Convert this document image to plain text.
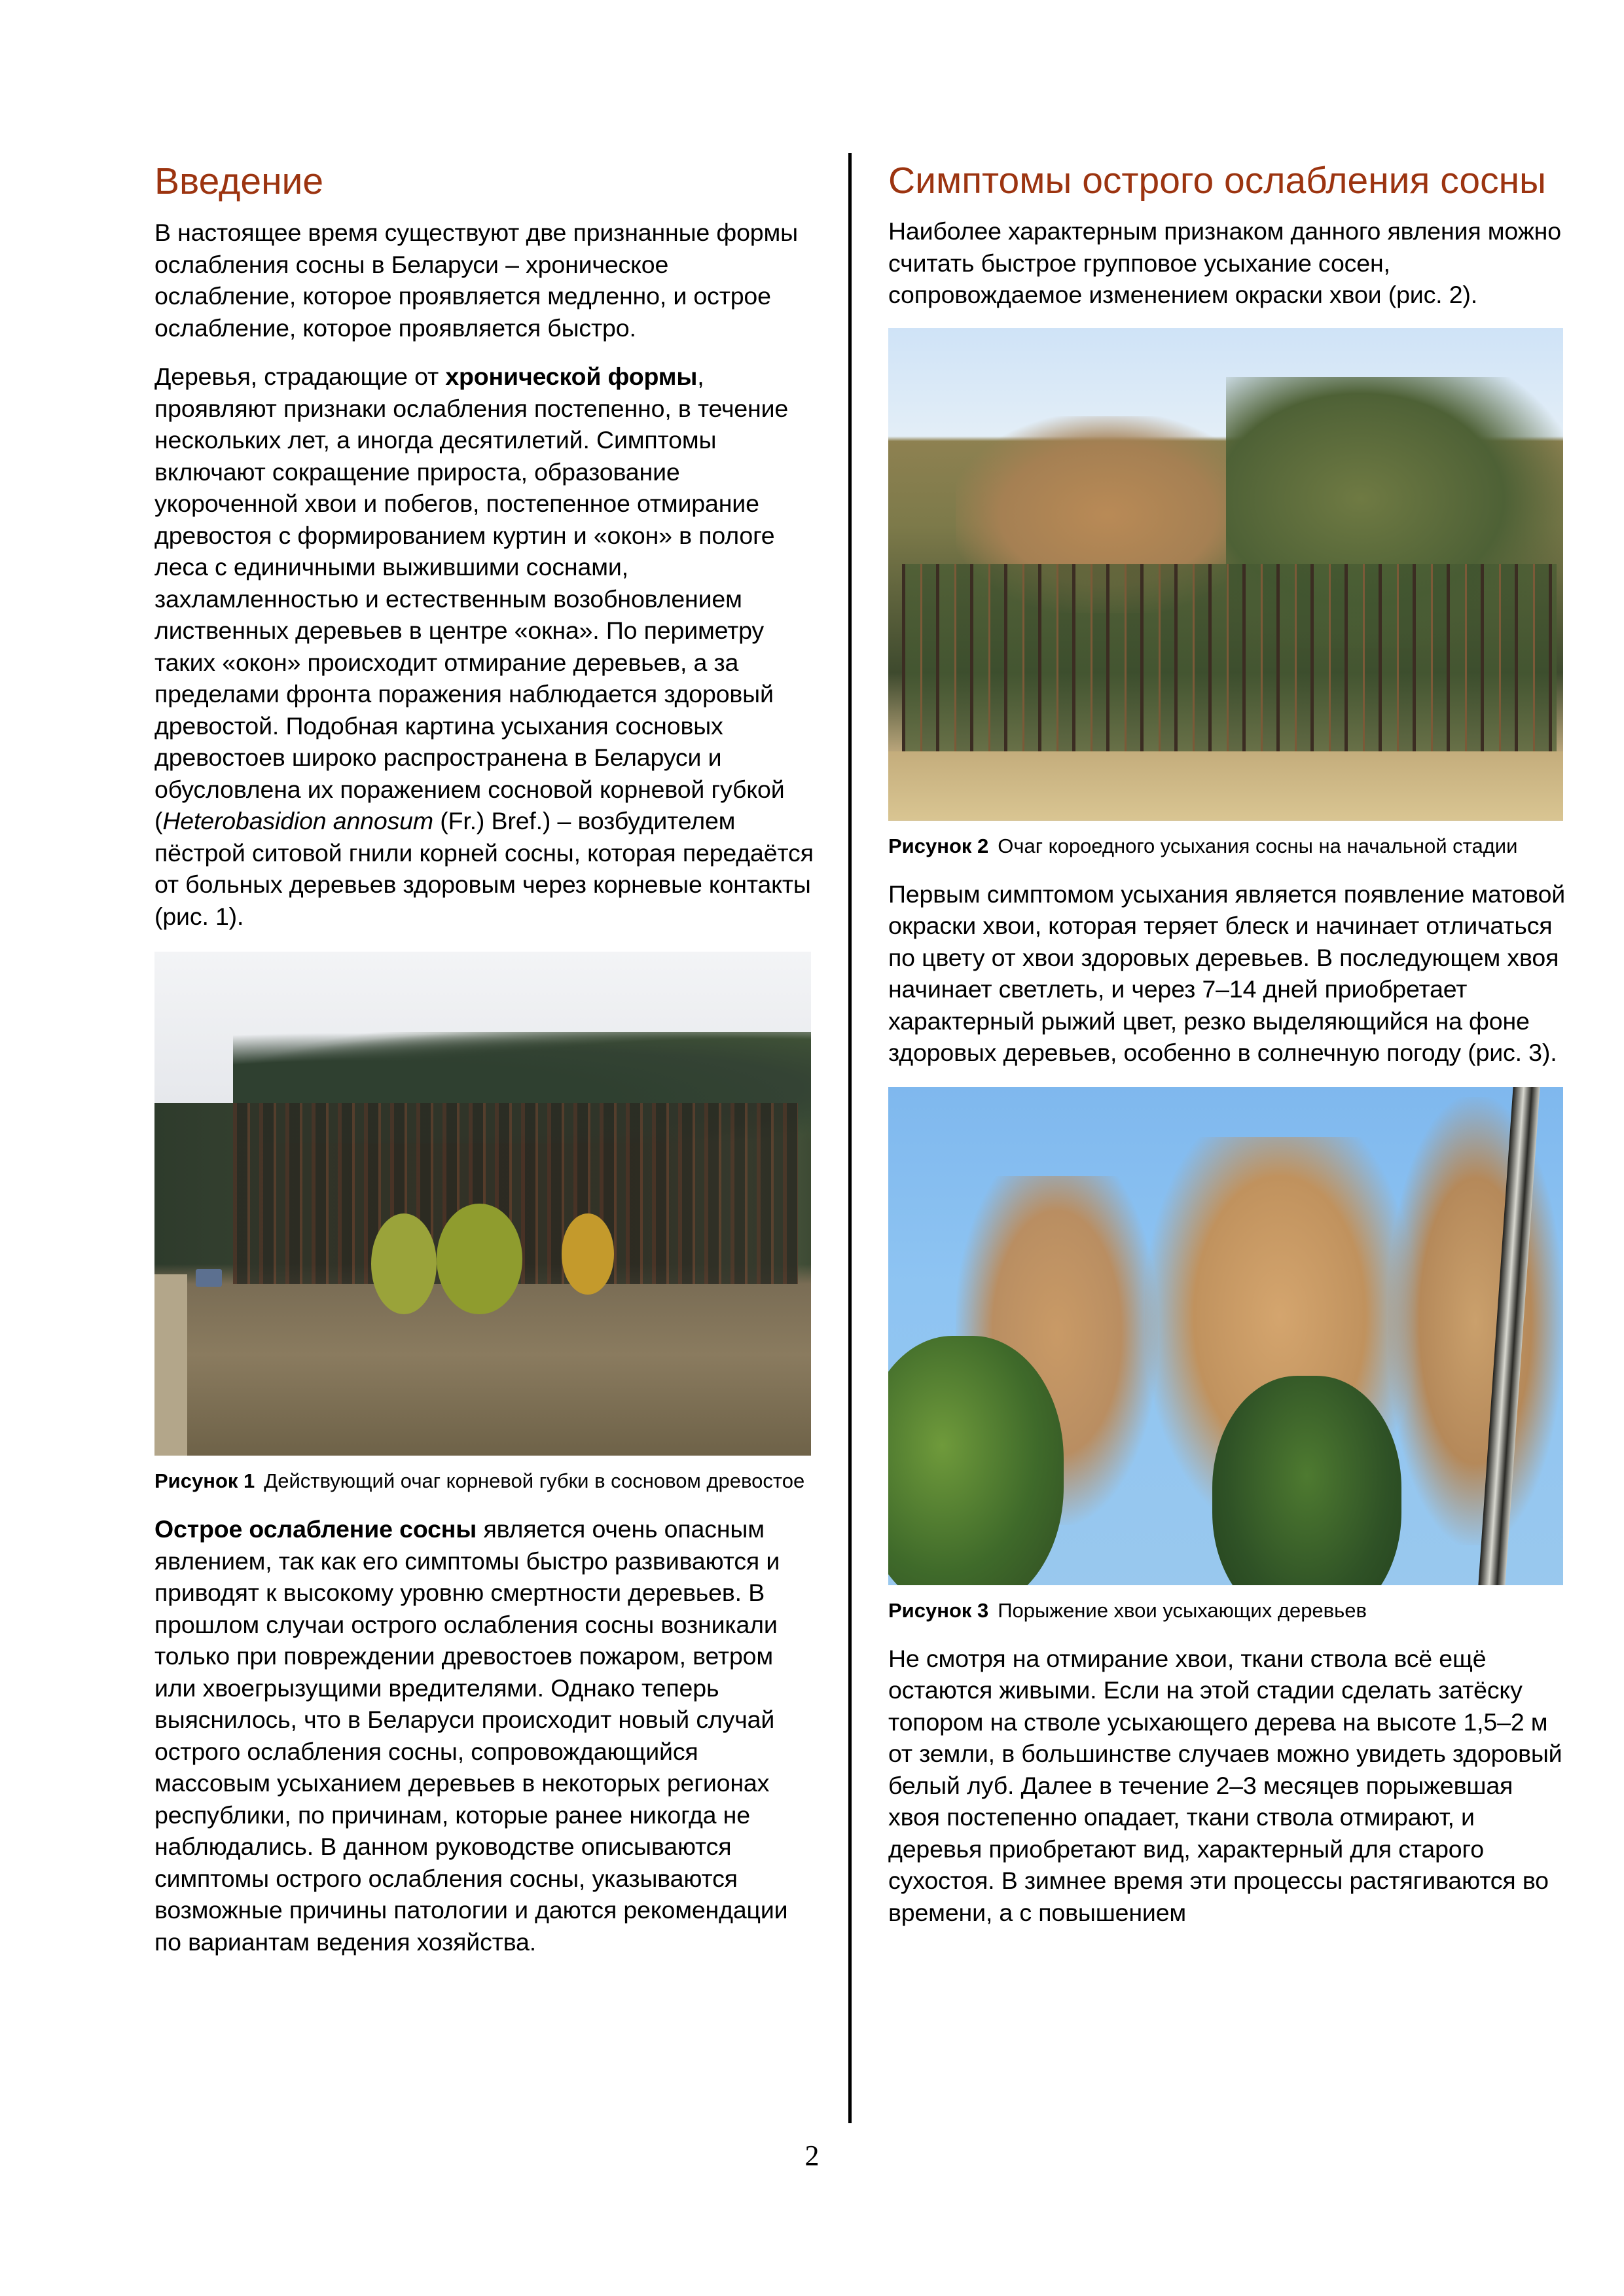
Введение

В настоящее время существуют две признанные формы ослабления сосны в Беларуси – хроническое ослабление, которое проявляется медленно, и острое ослабление, которое проявляется быстро.

Деревья, страдающие от хронической формы, проявляют признаки ослабления постепенно, в течение нескольких лет, а иногда десятилетий. Симптомы включают сокращение прироста, образование укороченной хвои и побегов, постепенное отмирание древостоя с формированием куртин и «окон» в пологе леса с единичными выжившими соснами, захламленностью и естественным возобновлением лиственных деревьев в центре «окна». По периметру таких «окон» происходит отмирание деревьев, а за пределами фронта поражения наблюдается здоровый древостой. Подобная картина усыхания сосновых древостоев широко распространена в Беларуси и обусловлена их поражением сосновой корневой губкой (Heterobasidion annosum (Fr.) Bref.) – возбудителем пёстрой ситовой гнили корней сосны, которая передаётся от больных деревьев здоровым через корневые контакты (рис. 1).

Рисунок 1 Действующий очаг корневой губки в сосновом древостое

Острое ослабление сосны является очень опасным явлением, так как его симптомы быстро развиваются и приводят к высокому уровню смертности деревьев. В прошлом случаи острого ослабления сосны возникали только при повреждении древостоев пожаром, ветром или хвоегрызущими вредителями. Однако теперь выяснилось, что в Беларуси происходит новый случай острого ослабления сосны, сопровождающийся массовым усыханием деревьев в некоторых регионах республики, по причинам, которые ранее никогда не наблюдались. В данном руководстве описываются симптомы острого ослабления сосны, указываются возможные причины патологии и даются рекомендации по вариантам ведения хозяйства.

Симптомы острого ослабления сосны

Наиболее характерным признаком данного явления можно считать быстрое групповое усыхание сосен, сопровождаемое изменением окраски хвои (рис. 2).

Рисунок 2 Очаг короедного усыхания сосны на начальной стадии

Первым симптомом усыхания является появление матовой окраски хвои, которая теряет блеск и начинает отличаться по цвету от хвои здоровых деревьев. В последующем хвоя начинает светлеть, и через 7–14 дней приобретает характерный рыжий цвет, резко выделяющийся на фоне здоровых деревьев, особенно в солнечную погоду (рис. 3).

Рисунок 3 Порыжение хвои усыхающих деревьев

Не смотря на отмирание хвои, ткани ствола всё ещё остаются живыми. Если на этой стадии сделать затёску топором на стволе усыхающего дерева на высоте 1,5–2 м от земли, в большинстве случаев можно увидеть здоровый белый луб. Далее в течение 2–3 месяцев порыжевшая хвоя постепенно опадает, ткани ствола отмирают, и деревья приобретают вид, характерный для старого сухостоя. В зимнее время эти процессы растягиваются во времени, а с повышением

2
